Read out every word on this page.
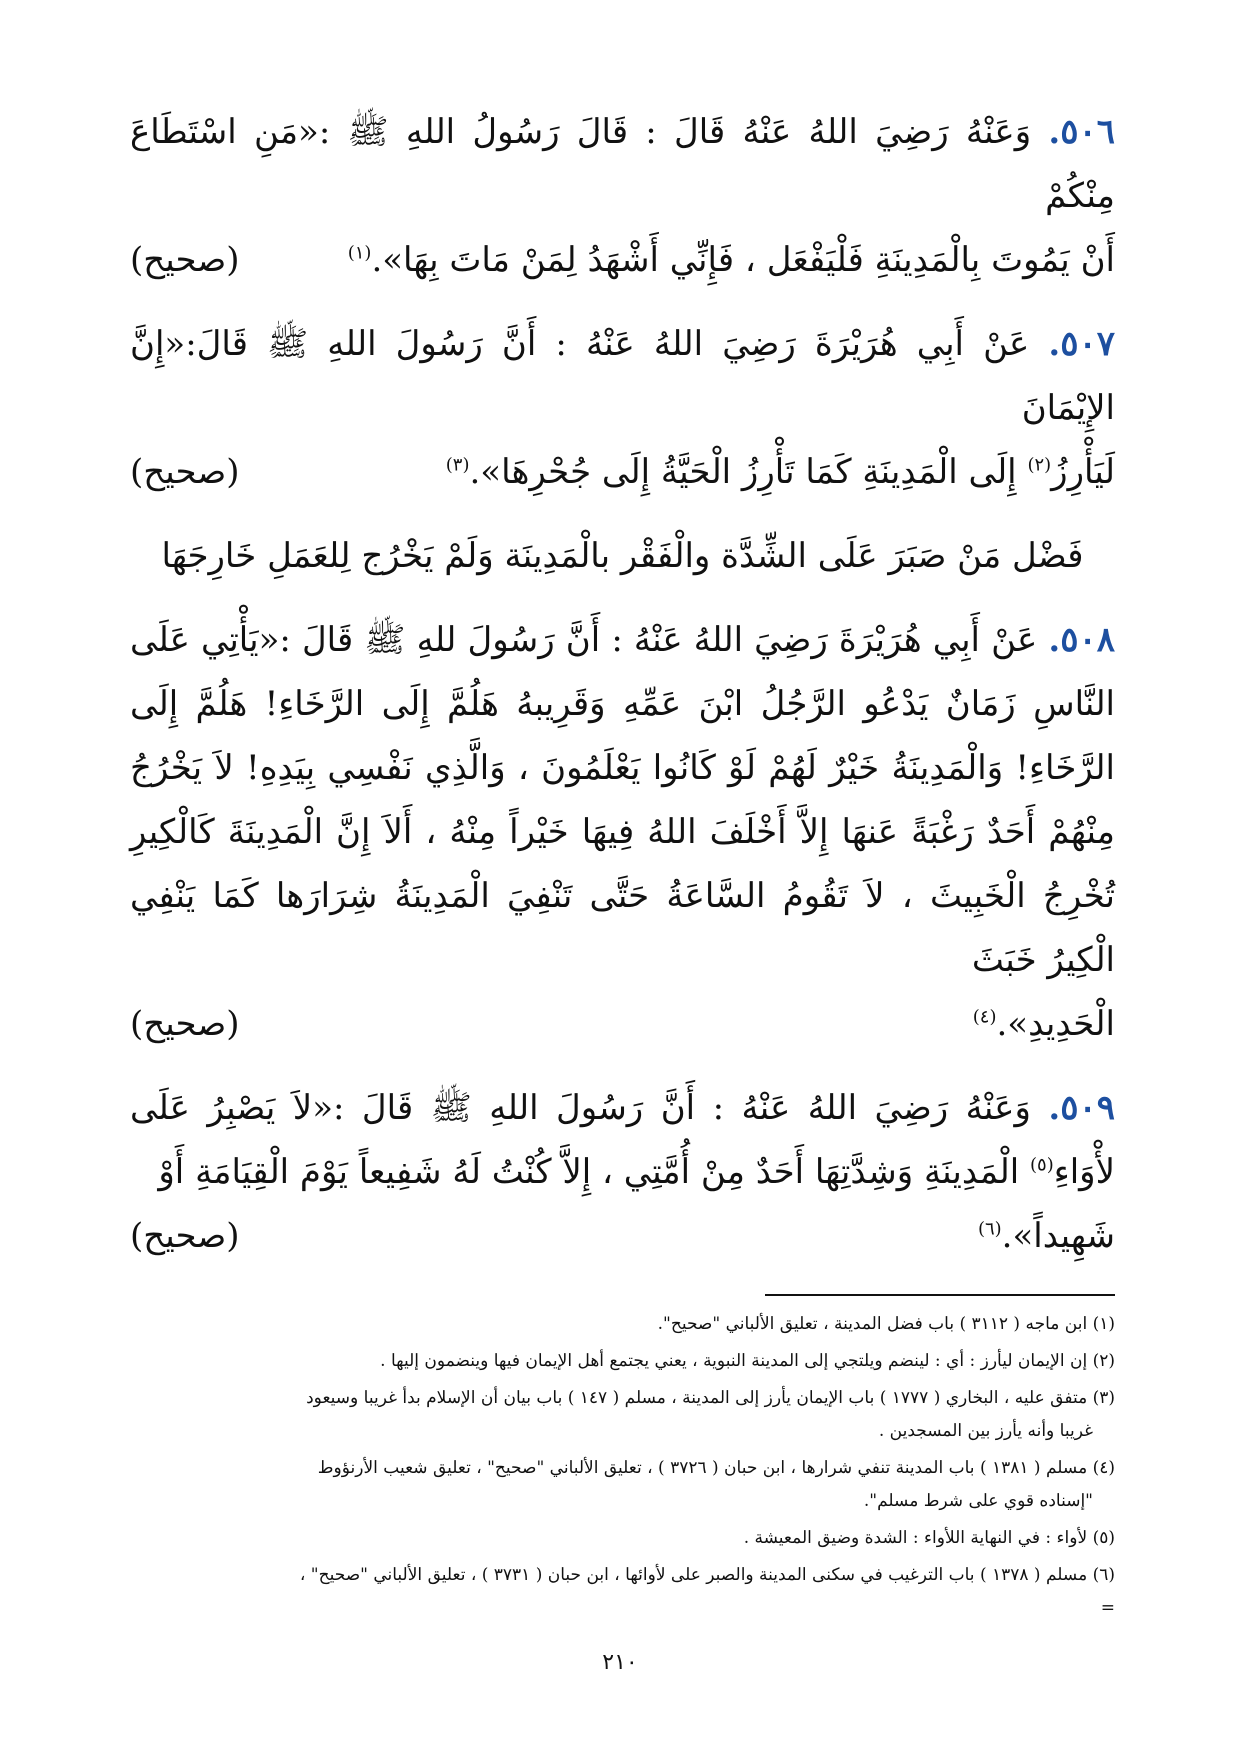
٥٠٦. وَعَنْهُ رَضِيَ اللهُ عَنْهُ قَالَ : قَالَ رَسُولُ اللهِ ﷺ :«مَنِ اسْتَطَاعَ مِنْكُمْ
أَنْ يَمُوتَ بِالْمَدِينَةِ فَلْيَفْعَل ، فَإِنِّي أَشْهَدُ لِمَنْ مَاتَ بِهَا».$^{(١)}$
(صحيح)
٥٠٧. عَنْ أَبِي هُرَيْرَةَ رَضِيَ اللهُ عَنْهُ : أَنَّ رَسُولَ اللهِ ﷺ قَالَ:«إِنَّ الإِيْمَانَ
لَيَأْرِزُ$^{(٢)}$ إِلَى الْمَدِينَةِ كَمَا تَأْرِزُ الْحَيَّةُ إِلَى جُحْرِهَا».$^{(٣)}$
(صحيح)
فَضْل مَنْ صَبَرَ عَلَى الشِّدَّة والْفَقْر بالْمَدِينَة وَلَمْ يَخْرُج لِلعَمَلِ خَارِجَهَا
٥٠٨. عَنْ أَبِي هُرَيْرَةَ رَضِيَ اللهُ عَنْهُ : أَنَّ رَسُولَ للهِ ﷺ قَالَ :«يَأْتِي عَلَى النَّاسِ زَمَانٌ يَدْعُو الرَّجُلُ ابْنَ عَمِّهِ وَقَرِيبهُ هَلُمَّ إِلَى الرَّخَاءِ! هَلُمَّ إِلَى الرَّخَاءِ! وَالْمَدِينَةُ خَيْرٌ لَهُمْ لَوْ كَانُوا يَعْلَمُونَ ، وَالَّذِي نَفْسِي بِيَدِهِ! لاَ يَخْرُجُ مِنْهُمْ أَحَدٌ رَغْبَةً عَنهَا إِلاَّ أَخْلَفَ اللهُ فِيهَا خَيْراً مِنْهُ ، أَلاَ إِنَّ الْمَدِينَةَ كَالْكِيرِ تُخْرِجُ الْخَبِيثَ ، لاَ تَقُومُ السَّاعَةُ حَتَّى تَنْفِيَ الْمَدِينَةُ شِرَارَها كَمَا يَنْفِي الْكِيرُ خَبَثَ
الْحَدِيدِ».$^{(٤)}$
(صحيح)
٥٠٩. وَعَنْهُ رَضِيَ اللهُ عَنْهُ : أَنَّ رَسُولَ اللهِ ﷺ قَالَ :«لاَ يَصْبِرُ عَلَى لأْوَاءِ$^{(٥)}$ الْمَدِينَةِ وَشِدَّتِهَا أَحَدٌ مِنْ أُمَّتِي ، إِلاَّ كُنْتُ لَهُ شَفِيعاً يَوْمَ الْقِيَامَةِ أَوْ
شَهِيداً».$^{(٦)}$
(صحيح)
(١) ابن ماجه ( ٣١١٢ ) باب فضل المدينة ، تعليق الألباني "صحيح".
(٢) إن الإيمان ليأرز : أي : لينضم ويلتجي إلى المدينة النبوية ، يعني يجتمع أهل الإيمان فيها وينضمون إليها .
(٣) متفق عليه ، البخاري ( ١٧٧٧ ) باب الإيمان يأرز إلى المدينة ، مسلم ( ١٤٧ ) باب بيان أن الإسلام بدأ غريبا وسيعود
غريبا وأنه يأرز بين المسجدين .
(٤) مسلم ( ١٣٨١ ) باب المدينة تنفي شرارها ، ابن حبان ( ٣٧٢٦ ) ، تعليق الألباني "صحيح" ، تعليق شعيب الأرنؤوط
"إسناده قوي على شرط مسلم".
(٥) لأواء : في النهاية اللأواء : الشدة وضيق المعيشة .
(٦) مسلم ( ١٣٧٨ ) باب الترغيب في سكنى المدينة والصبر على لأوائها ، ابن حبان ( ٣٧٣١ ) ، تعليق الألباني "صحيح" ،
=
٢١٠
